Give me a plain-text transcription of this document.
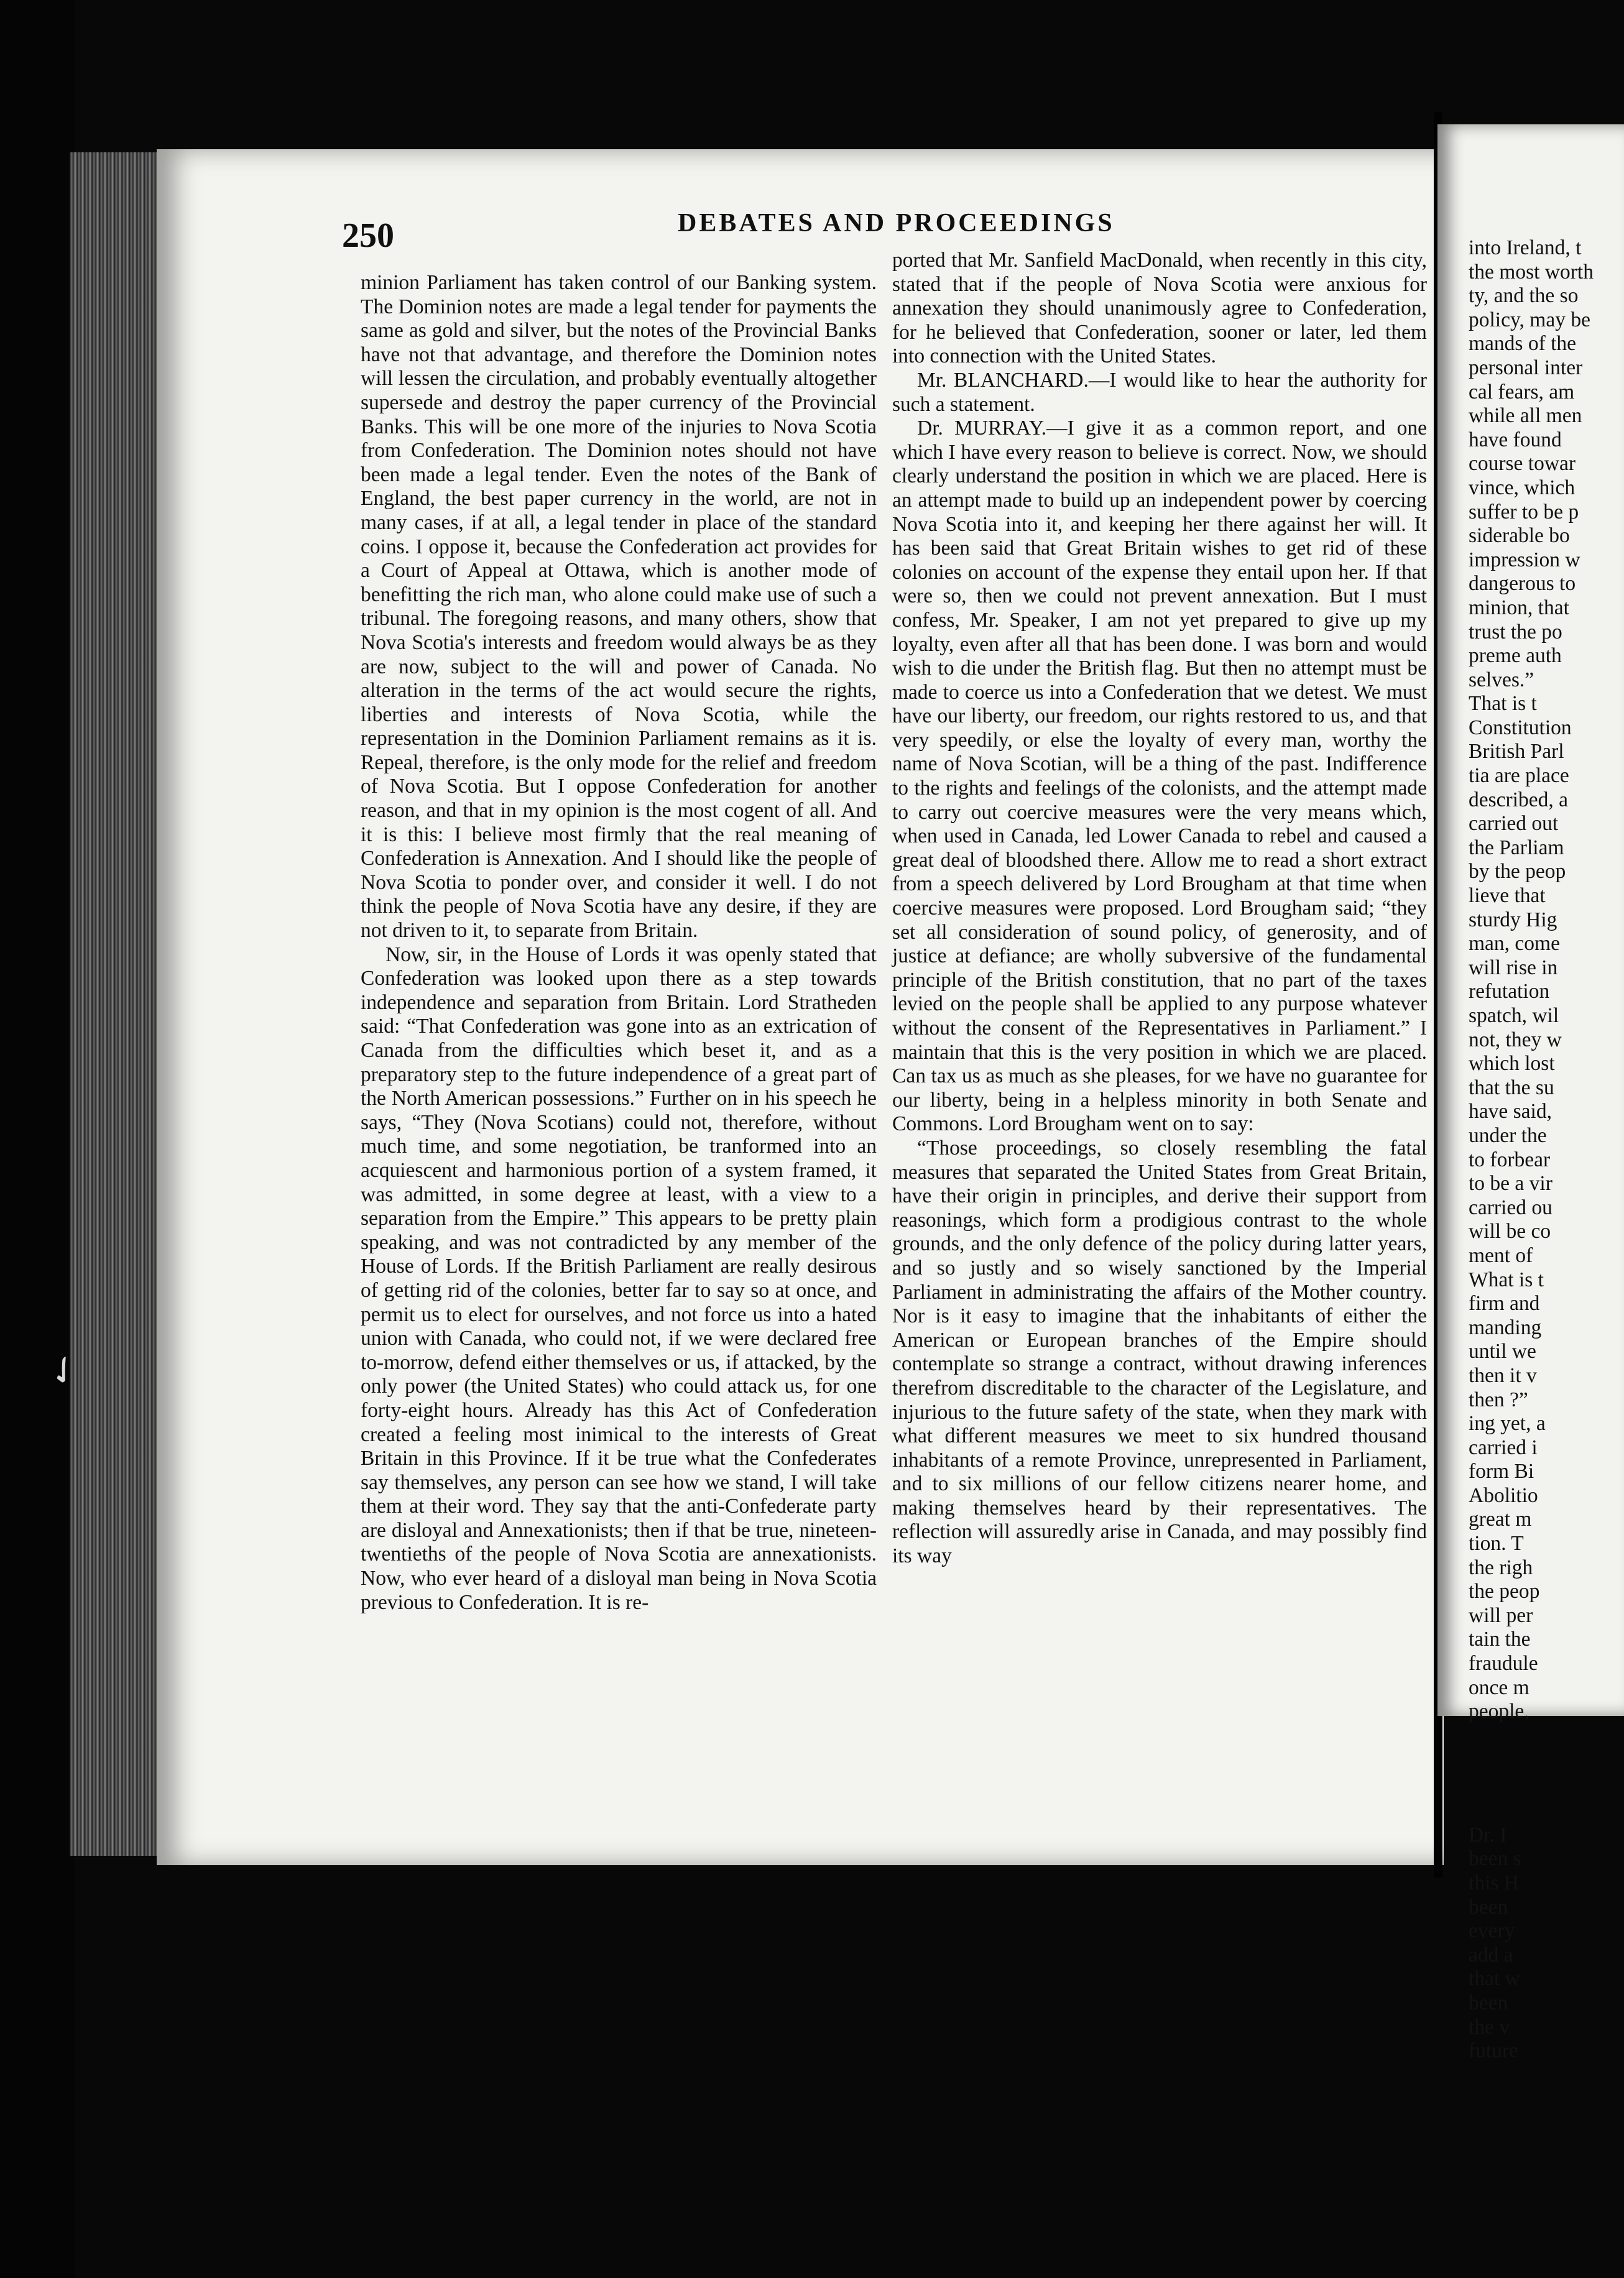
✓
250	DEBATES AND PROCEEDINGS

minion Parliament has taken control of our Banking system. The Dominion notes are made a legal tender for payments the same as gold and silver, but the notes of the Provincial Banks have not that advantage, and therefore the Dominion notes will lessen the circulation, and probably eventually altogether supersede and destroy the paper currency of the Provincial Banks. This will be one more of the injuries to Nova Scotia from Confederation. The Dominion notes should not have been made a legal tender. Even the notes of the Bank of England, the best paper currency in the world, are not in many cases, if at all, a legal tender in place of the standard coins. I oppose it, because the Confederation act provides for a Court of Appeal at Ottawa, which is another mode of benefitting the rich man, who alone could make use of such a tribunal. The foregoing reasons, and many others, show that Nova Scotia's interests and freedom would always be as they are now, subject to the will and power of Canada. No alteration in the terms of the act would secure the rights, liberties and interests of Nova Scotia, while the representation in the Dominion Parliament remains as it is. Repeal, therefore, is the only mode for the relief and freedom of Nova Scotia. But I oppose Confederation for another reason, and that in my opinion is the most cogent of all. And it is this: I believe most firmly that the real meaning of Confederation is Annexation. And I should like the people of Nova Scotia to ponder over, and consider it well. I do not think the people of Nova Scotia have any desire, if they are not driven to it, to separate from Britain.

Now, sir, in the House of Lords it was openly stated that Confederation was looked upon there as a step towards independence and separation from Britain. Lord Stratheden said: “That Confederation was gone into as an extrication of Canada from the difficulties which beset it, and as a preparatory step to the future independence of a great part of the North American possessions.” Further on in his speech he says, “They (Nova Scotians) could not, therefore, without much time, and some negotiation, be tranformed into an acquiescent and harmonious portion of a system framed, it was admitted, in some degree at least, with a view to a separation from the Empire.” This appears to be pretty plain speaking, and was not contradicted by any member of the House of Lords. If the British Parliament are really desirous of getting rid of the colonies, better far to say so at once, and permit us to elect for ourselves, and not force us into a hated union with Canada, who could not, if we were declared free to-morrow, defend either themselves or us, if attacked, by the only power (the United States) who could attack us, for one forty-eight hours. Already has this Act of Confederation created a feeling most inimical to the interests of Great Britain in this Province. If it be true what the Confederates say themselves, any person can see how we stand, I will take them at their word. They say that the anti-Confederate party are disloyal and Annexationists; then if that be true, nineteen-twentieths of the people of Nova Scotia are annexationists. Now, who ever heard of a disloyal man being in Nova Scotia previous to Confederation. It is re-

ported that Mr. Sanfield MacDonald, when recently in this city, stated that if the people of Nova Scotia were anxious for annexation they should unanimously agree to Confederation, for he believed that Confederation, sooner or later, led them into connection with the United States.

Mr. BLANCHARD.—I would like to hear the authority for such a statement.

Dr. MURRAY.—I give it as a common report, and one which I have every reason to believe is correct. Now, we should clearly understand the position in which we are placed. Here is an attempt made to build up an independent power by coercing Nova Scotia into it, and keeping her there against her will. It has been said that Great Britain wishes to get rid of these colonies on account of the expense they entail upon her. If that were so, then we could not prevent annexation. But I must confess, Mr. Speaker, I am not yet prepared to give up my loyalty, even after all that has been done. I was born and would wish to die under the British flag. But then no attempt must be made to coerce us into a Confederation that we detest. We must have our liberty, our freedom, our rights restored to us, and that very speedily, or else the loyalty of every man, worthy the name of Nova Scotian, will be a thing of the past. Indifference to the rights and feelings of the colonists, and the attempt made to carry out coercive measures were the very means which, when used in Canada, led Lower Canada to rebel and caused a great deal of bloodshed there. Allow me to read a short extract from a speech delivered by Lord Brougham at that time when coercive measures were proposed. Lord Brougham said; “they set all consideration of sound policy, of generosity, and of justice at defiance; are wholly subversive of the fundamental principle of the British constitution, that no part of the taxes levied on the people shall be applied to any purpose whatever without the consent of the Representatives in Parliament.” I maintain that this is the very position in which we are placed. Can tax us as much as she pleases, for we have no guarantee for our liberty, being in a helpless minority in both Senate and Commons. Lord Brougham went on to say:

“Those proceedings, so closely resembling the fatal measures that separated the United States from Great Britain, have their origin in principles, and derive their support from reasonings, which form a prodigious contrast to the whole grounds, and the only defence of the policy during latter years, and so justly and so wisely sanctioned by the Imperial Parliament in administrating the affairs of the Mother country. Nor is it easy to imagine that the inhabitants of either the American or European branches of the Empire should contemplate so strange a contract, without drawing inferences therefrom discreditable to the character of the Legislature, and injurious to the future safety of the state, when they mark with what different measures we meet to six hundred thousand inhabitants of a remote Province, unrepresented in Parliament, and to six millions of our fellow citizens nearer home, and making themselves heard by their representatives. The reflection will assuredly arise in Canada, and may possibly find its way

into Ireland, t
the most worth
ty, and the so
policy, may be
mands of the
personal inter
cal fears, am
while all men
have found
course towar
vince, which
suffer to be p
siderable bo
impression w
dangerous to
minion, that
trust the po
preme auth
selves.”
That is t
Constitution
British Parl
tia are place
described, a
carried out
the Parliam
by the peop
lieve that
sturdy Hig
man, come
will rise in
refutation
spatch, wil
not, they w
which lost
that the su
have said,
under the
to forbear
to be a vir
carried ou
will be co
ment of
What is t
firm and
manding
until we
then it v
then ?”
ing yet, a
carried i
form Bi
Abolitio
great m
tion. T
the righ
the peop
will per
tain the
fraudule
once m
people,
Dr. I
been s
this H
been
every
add a
that w
been
the v
future
